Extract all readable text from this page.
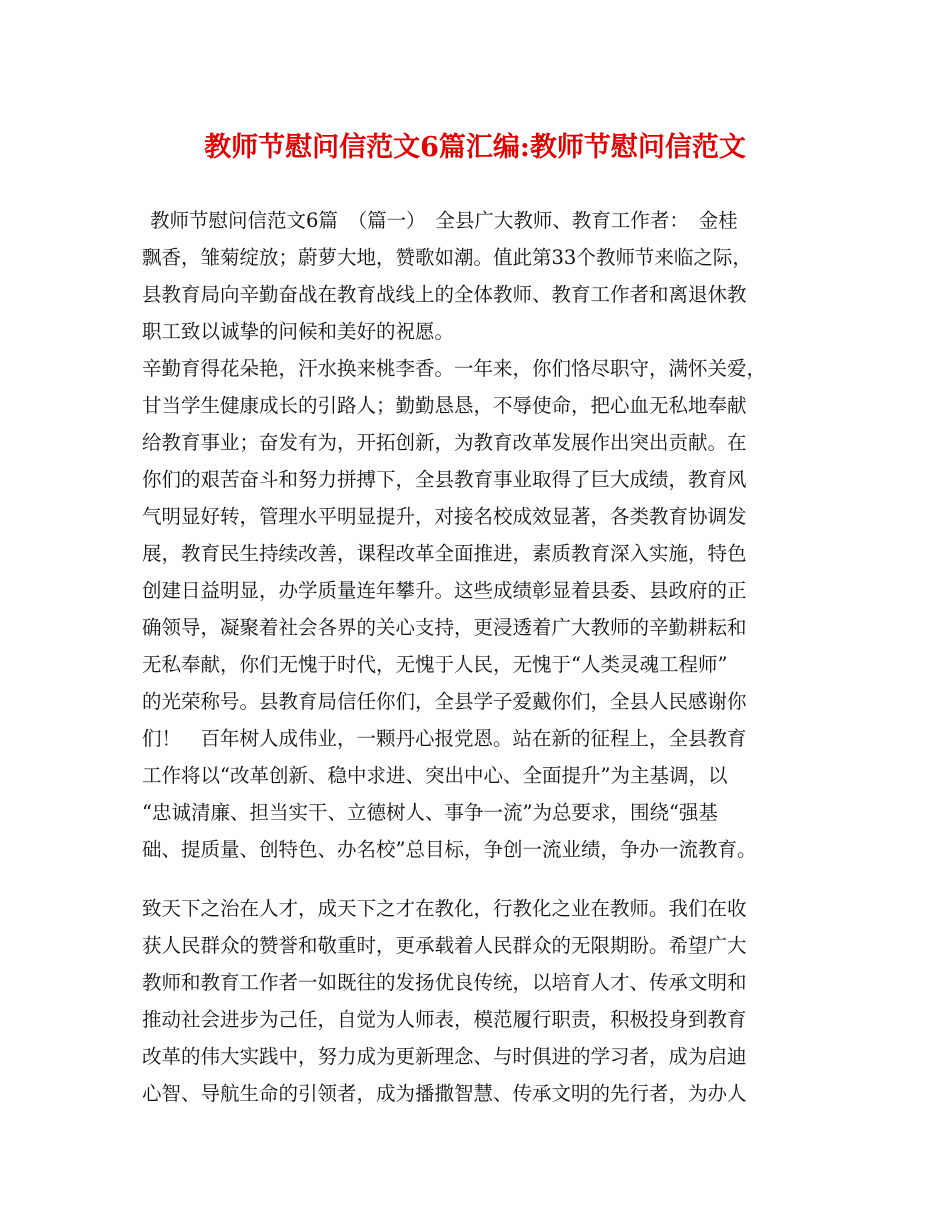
教师节慰问信范文6篇汇编:教师节慰问信范文
教师节慰问信范文6篇　（篇一）　全县广大教师、教育工作者：　金桂
飘香，雏菊绽放；蔚萝大地，赞歌如潮。值此第33个教师节来临之际，
县教育局向辛勤奋战在教育战线上的全体教师、教育工作者和离退休教
职工致以诚挚的问候和美好的祝愿。
辛勤育得花朵艳，汗水换来桃李香。一年来，你们恪尽职守，满怀关爱，
甘当学生健康成长的引路人；勤勤恳恳，不辱使命，把心血无私地奉献
给教育事业；奋发有为，开拓创新，为教育改革发展作出突出贡献。在
你们的艰苦奋斗和努力拼搏下，全县教育事业取得了巨大成绩，教育风
气明显好转，管理水平明显提升，对接名校成效显著，各类教育协调发
展，教育民生持续改善，课程改革全面推进，素质教育深入实施，特色
创建日益明显，办学质量连年攀升。这些成绩彰显着县委、县政府的正
确领导，凝聚着社会各界的关心支持，更浸透着广大教师的辛勤耕耘和
无私奉献，你们无愧于时代，无愧于人民，无愧于“人类灵魂工程师”
的光荣称号。县教育局信任你们，全县学子爱戴你们，全县人民感谢你
们！　百年树人成伟业，一颗丹心报党恩。站在新的征程上，全县教育
工作将以“改革创新、稳中求进、突出中心、全面提升”为主基调，以
“忠诚清廉、担当实干、立德树人、事争一流”为总要求，围绕“强基
础、提质量、创特色、办名校”总目标，争创一流业绩，争办一流教育。
致天下之治在人才，成天下之才在教化，行教化之业在教师。我们在收
获人民群众的赞誉和敬重时，更承载着人民群众的无限期盼。希望广大
教师和教育工作者一如既往的发扬优良传统，以培育人才、传承文明和
推动社会进步为己任，自觉为人师表，模范履行职责，积极投身到教育
改革的伟大实践中，努力成为更新理念、与时俱进的学习者，成为启迪
心智、导航生命的引领者，成为播撒智慧、传承文明的先行者，为办人
